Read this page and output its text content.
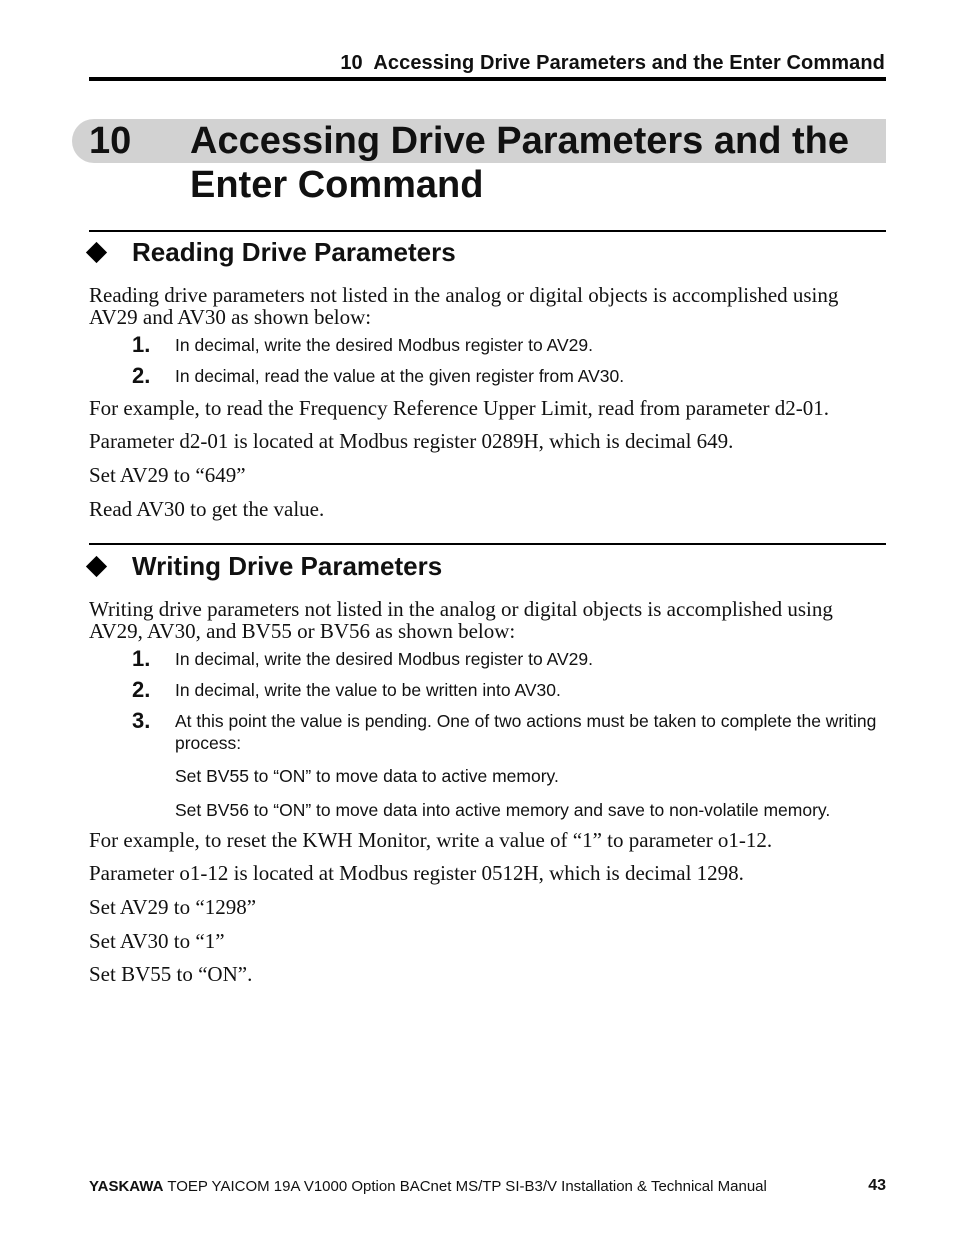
10  Accessing Drive Parameters and the Enter Command
10 Accessing Drive Parameters and the
Enter Command
Reading Drive Parameters
Reading drive parameters not listed in the analog or digital objects is accomplished using AV29 and AV30 as shown below:
1. In decimal, write the desired Modbus register to AV29.
2. In decimal, read the value at the given register from AV30.
For example, to read the Frequency Reference Upper Limit, read from parameter d2-01.
Parameter d2-01 is located at Modbus register 0289H, which is decimal 649.
Set AV29 to “649”
Read AV30 to get the value.
Writing Drive Parameters
Writing drive parameters not listed in the analog or digital objects is accomplished using AV29, AV30, and BV55 or BV56 as shown below:
1. In decimal, write the desired Modbus register to AV29.
2. In decimal, write the value to be written into AV30.
3. At this point the value is pending. One of two actions must be taken to complete the writing process:
Set BV55 to “ON” to move data to active memory.
Set BV56 to “ON” to move data into active memory and save to non-volatile memory.
For example, to reset the KWH Monitor, write a value of “1” to parameter o1-12.
Parameter o1-12 is located at Modbus register 0512H, which is decimal 1298.
Set AV29 to “1298”
Set AV30 to “1”
Set BV55 to “ON”.
YASKAWA TOEP YAICOM 19A V1000 Option BACnet MS/TP SI-B3/V Installation & Technical Manual	43
